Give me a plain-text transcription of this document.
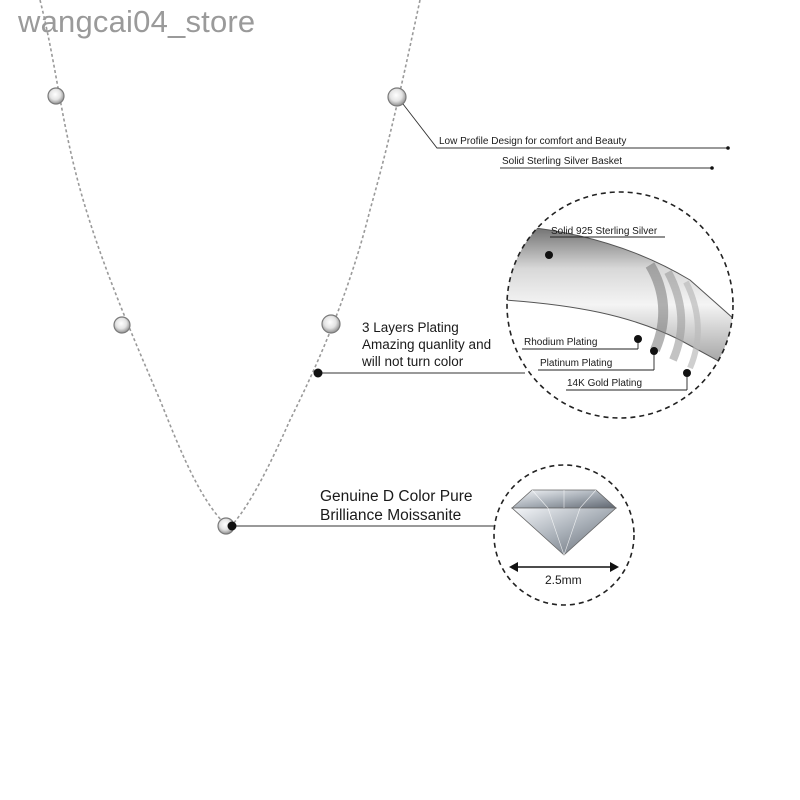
wangcai04_store
Low Profile Design for comfort and Beauty
Solid Sterling Silver Basket
3 Layers Plating
Amazing quanlity and
will not turn color
Solid 925 Sterling Silver
Rhodium Plating
Platinum Plating
14K Gold Plating
Genuine D Color Pure
Brilliance Moissanite
2.5mm
